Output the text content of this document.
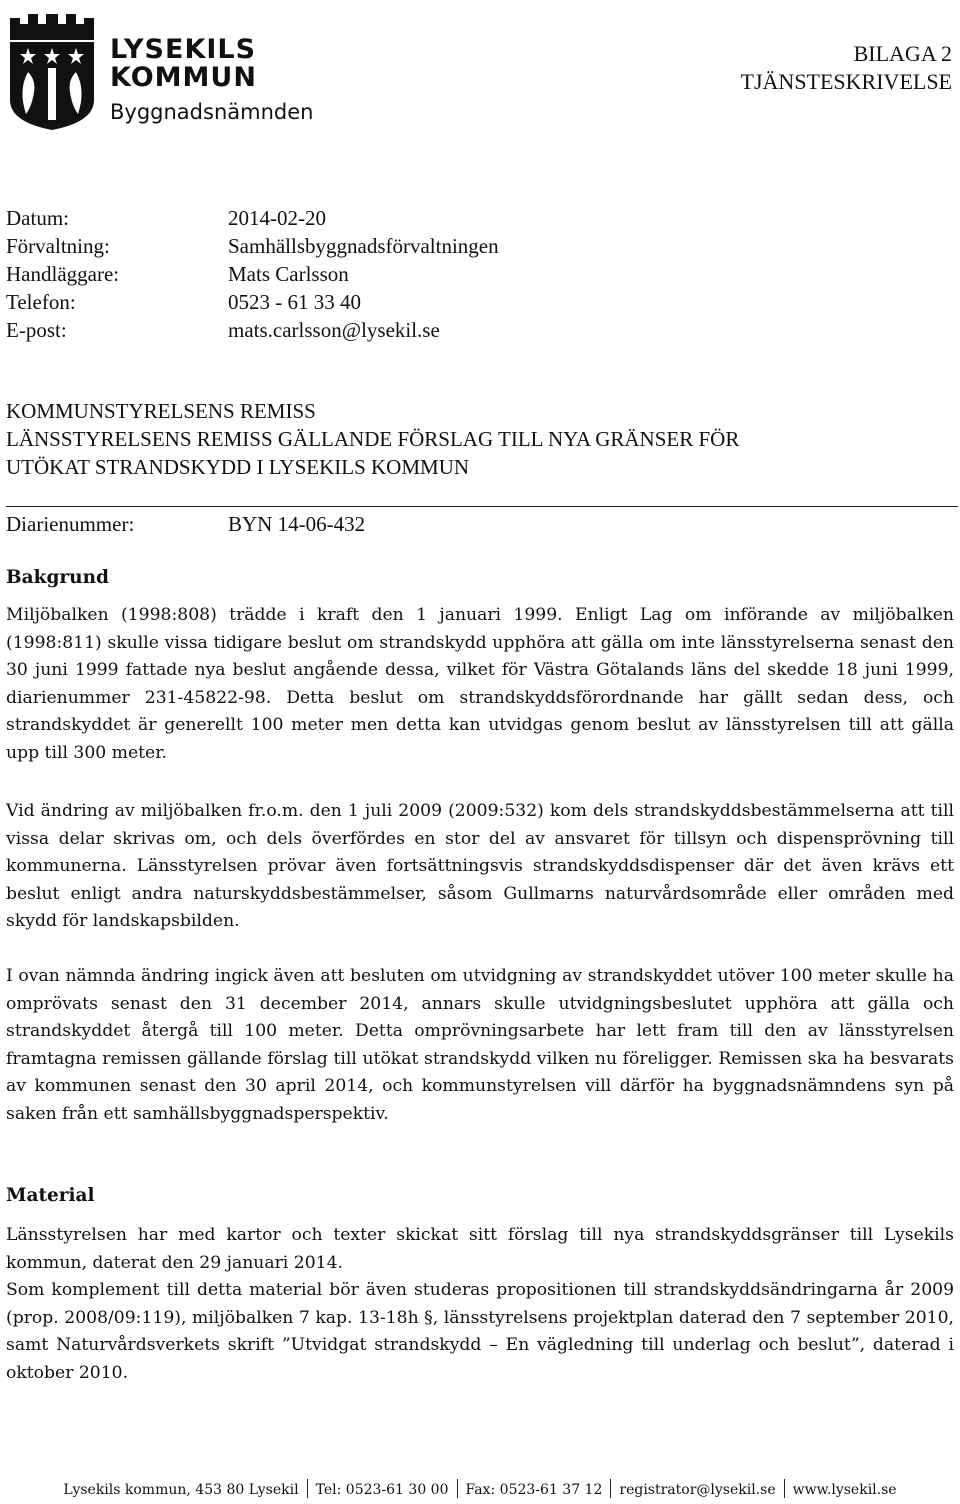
LYSEKILS
KOMMUN
Byggnadsnämnden
BILAGA 2
TJÄNSTESKRIVELSE
Datum:	2014-02-20
Förvaltning:	Samhällsbyggnadsförvaltningen
Handläggare:	Mats Carlsson
Telefon:	0523 - 61 33 40
E-post:	mats.carlsson@lysekil.se
KOMMUNSTYRELSENS REMISS
LÄNSSTYRELSENS REMISS GÄLLANDE FÖRSLAG TILL NYA GRÄNSER FÖR
UTÖKAT STRANDSKYDD I LYSEKILS KOMMUN
Diarienummer:	BYN 14-06-432
Bakgrund
Miljöbalken (1998:808) trädde i kraft den 1 januari 1999. Enligt Lag om införande av miljöbalken (1998:811) skulle vissa tidigare beslut om strandskydd upphöra att gälla om inte länsstyrelserna senast den 30 juni 1999 fattade nya beslut angående dessa, vilket för Västra Götalands läns del skedde 18 juni 1999, diarienummer 231-45822-98. Detta beslut om strandskyddsförordnande har gällt sedan dess, och strandskyddet är generellt 100 meter men detta kan utvidgas genom beslut av länsstyrelsen till att gälla upp till 300 meter.
Vid ändring av miljöbalken fr.o.m. den 1 juli 2009 (2009:532) kom dels strandskyddsbestämmelserna att till vissa delar skrivas om, och dels överfördes en stor del av ansvaret för tillsyn och dispensprövning till kommunerna. Länsstyrelsen prövar även fortsättningsvis strandskyddsdispenser där det även krävs ett beslut enligt andra naturskyddsbestämmelser, såsom Gullmarns naturvårdsområde eller områden med skydd för landskapsbilden.
I ovan nämnda ändring ingick även att besluten om utvidgning av strandskyddet utöver 100 meter skulle ha omprövats senast den 31 december 2014, annars skulle utvidgningsbeslutet upphöra att gälla och strandskyddet återgå till 100 meter. Detta omprövningsarbete har lett fram till den av länsstyrelsen framtagna remissen gällande förslag till utökat strandskydd vilken nu föreligger. Remissen ska ha besvarats av kommunen senast den 30 april 2014, och kommunstyrelsen vill därför ha byggnadsnämndens syn på saken från ett samhällsbyggnadsperspektiv.
Material
Länsstyrelsen har med kartor och texter skickat sitt förslag till nya strandskyddsgränser till Lysekils kommun, daterat den 29 januari 2014.
Som komplement till detta material bör även studeras propositionen till strandskyddsändringarna år 2009 (prop. 2008/09:119), miljöbalken 7 kap. 13-18h §, länsstyrelsens projektplan daterad den 7 september 2010, samt Naturvårdsverkets skrift ”Utvidgat strandskydd – En vägledning till underlag och beslut”, daterad i oktober 2010.
Lysekils kommun, 453 80 Lysekil Tel: 0523-61 30 00 Fax: 0523-61 37 12 registrator@lysekil.se www.lysekil.se
